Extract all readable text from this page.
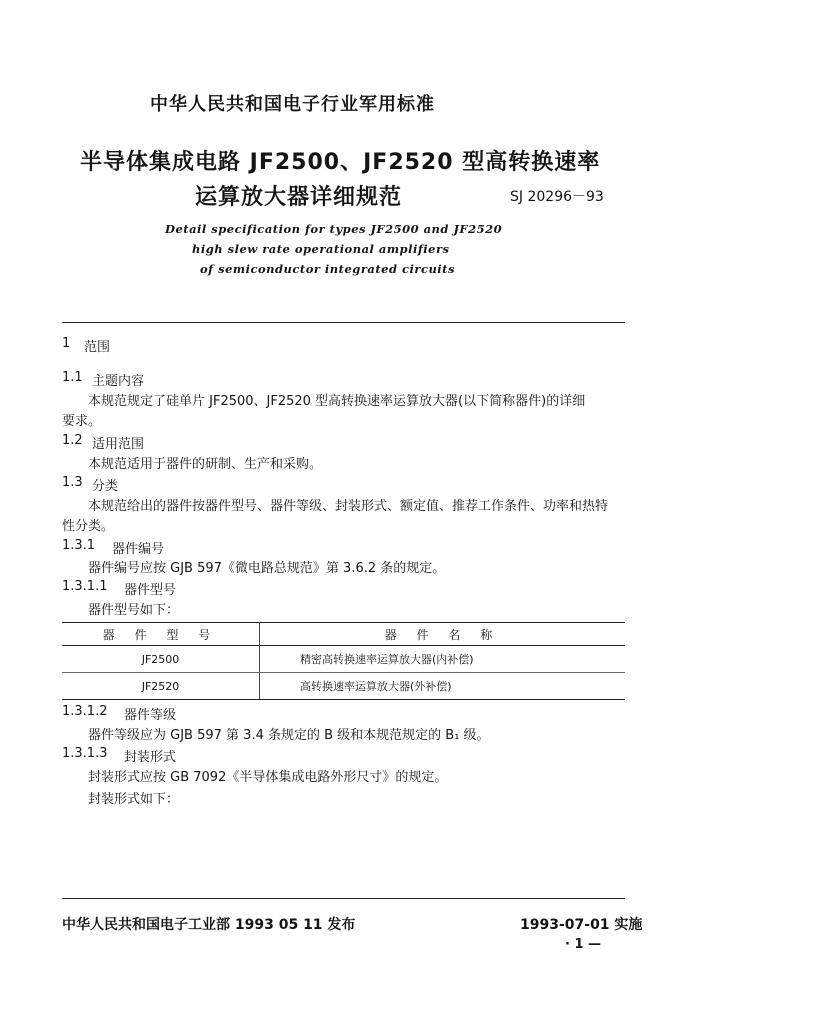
中华人民共和国电子行业军用标准
半导体集成电路 JF2500、JF2520 型高转换速率
运算放大器详细规范	SJ 20296－93
Detail specification for types JF2500 and JF2520
high slew rate operational amplifiers
of semiconductor integrated circuits
1 范围
1.1 主题内容
本规范规定了硅单片 JF2500、JF2520 型高转换速率运算放大器(以下简称器件)的详细
要求。
1.2 适用范围
本规范适用于器件的研制、生产和采购。
1.3 分类
本规范给出的器件按器件型号、器件等级、封装形式、额定值、推荐工作条件、功率和热特
性分类。
1.3.1 器件编号
器件编号应按 GJB 597《微电路总规范》第 3.6.2 条的规定。
1.3.1.1 器件型号
器件型号如下：
器 件 型 号	器 件 名 称
JF2500	精密高转换速率运算放大器(内补偿)
JF2520	高转换速率运算放大器(外补偿)
1.3.1.2 器件等级
器件等级应为 GJB 597 第 3.4 条规定的 B 级和本规范规定的 B₁ 级。
1.3.1.3 封装形式
封装形式应按 GB 7092《半导体集成电路外形尺寸》的规定。
封装形式如下：
中华人民共和国电子工业部 1993 05 11 发布	1993-07-01 实施
· 1 —
